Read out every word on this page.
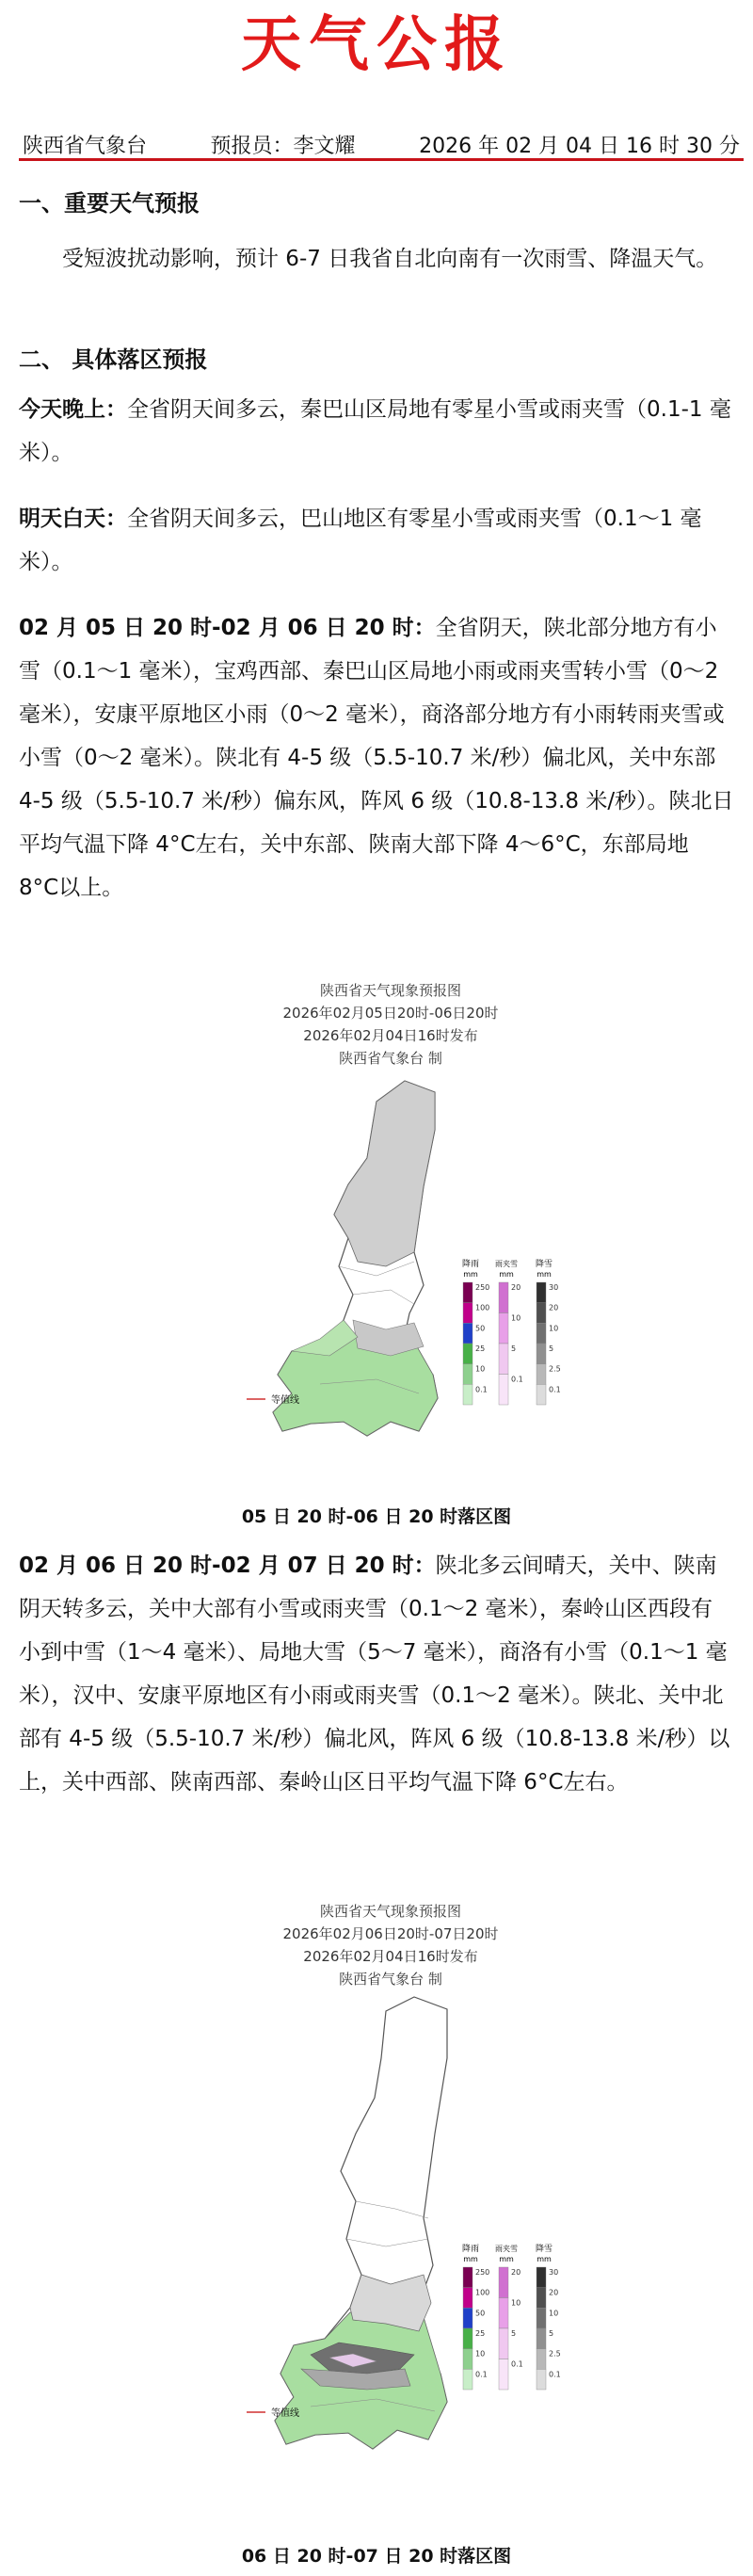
天气公报
陕西省气象台	预报员：李文耀	2026 年 02 月 04 日 16 时 30 分
一、重要天气预报
受短波扰动影响，预计 6-7 日我省自北向南有一次雨雪、降温天气。
二、 具体落区预报
今天晚上：全省阴天间多云，秦巴山区局地有零星小雪或雨夹雪（0.1-1 毫米）。
明天白天：全省阴天间多云，巴山地区有零星小雪或雨夹雪（0.1～1 毫米）。
02 月 05 日 20 时-02 月 06 日 20 时：全省阴天，陕北部分地方有小雪（0.1～1 毫米），宝鸡西部、秦巴山区局地小雨或雨夹雪转小雪（0～2 毫米），安康平原地区小雨（0～2 毫米），商洛部分地方有小雨转雨夹雪或小雪（0～2 毫米）。陕北有 4-5 级（5.5-10.7 米/秒）偏北风，关中东部 4-5 级（5.5-10.7 米/秒）偏东风，阵风 6 级（10.8-13.8 米/秒）。陕北日平均气温下降 4°C左右，关中东部、陕南大部下降 4～6°C，东部局地 8°C以上。
陕西省天气现象预报图
2026年02月05日20时-06日20时
2026年02月04日16时发布
陕西省气象台 制
降雨
mm
雨夹雪
mm
降雪
mm
250
100
50
25
10
0.1
20
10
5
0.1
30
20
10
5
2.5
0.1
等值线
05 日 20 时-06 日 20 时落区图
02 月 06 日 20 时-02 月 07 日 20 时：陕北多云间晴天，关中、陕南阴天转多云，关中大部有小雪或雨夹雪（0.1～2 毫米），秦岭山区西段有小到中雪（1～4 毫米）、局地大雪（5～7 毫米），商洛有小雪（0.1～1 毫米），汉中、安康平原地区有小雨或雨夹雪（0.1～2 毫米）。陕北、关中北部有 4-5 级（5.5-10.7 米/秒）偏北风，阵风 6 级（10.8-13.8 米/秒）以上，关中西部、陕南西部、秦岭山区日平均气温下降 6°C左右。
陕西省天气现象预报图
2026年02月06日20时-07日20时
2026年02月04日16时发布
陕西省气象台 制
降雨
mm
雨夹雪
mm
降雪
mm
250
100
50
25
10
0.1
20
10
5
0.1
30
20
10
5
2.5
0.1
等值线
06 日 20 时-07 日 20 时落区图
